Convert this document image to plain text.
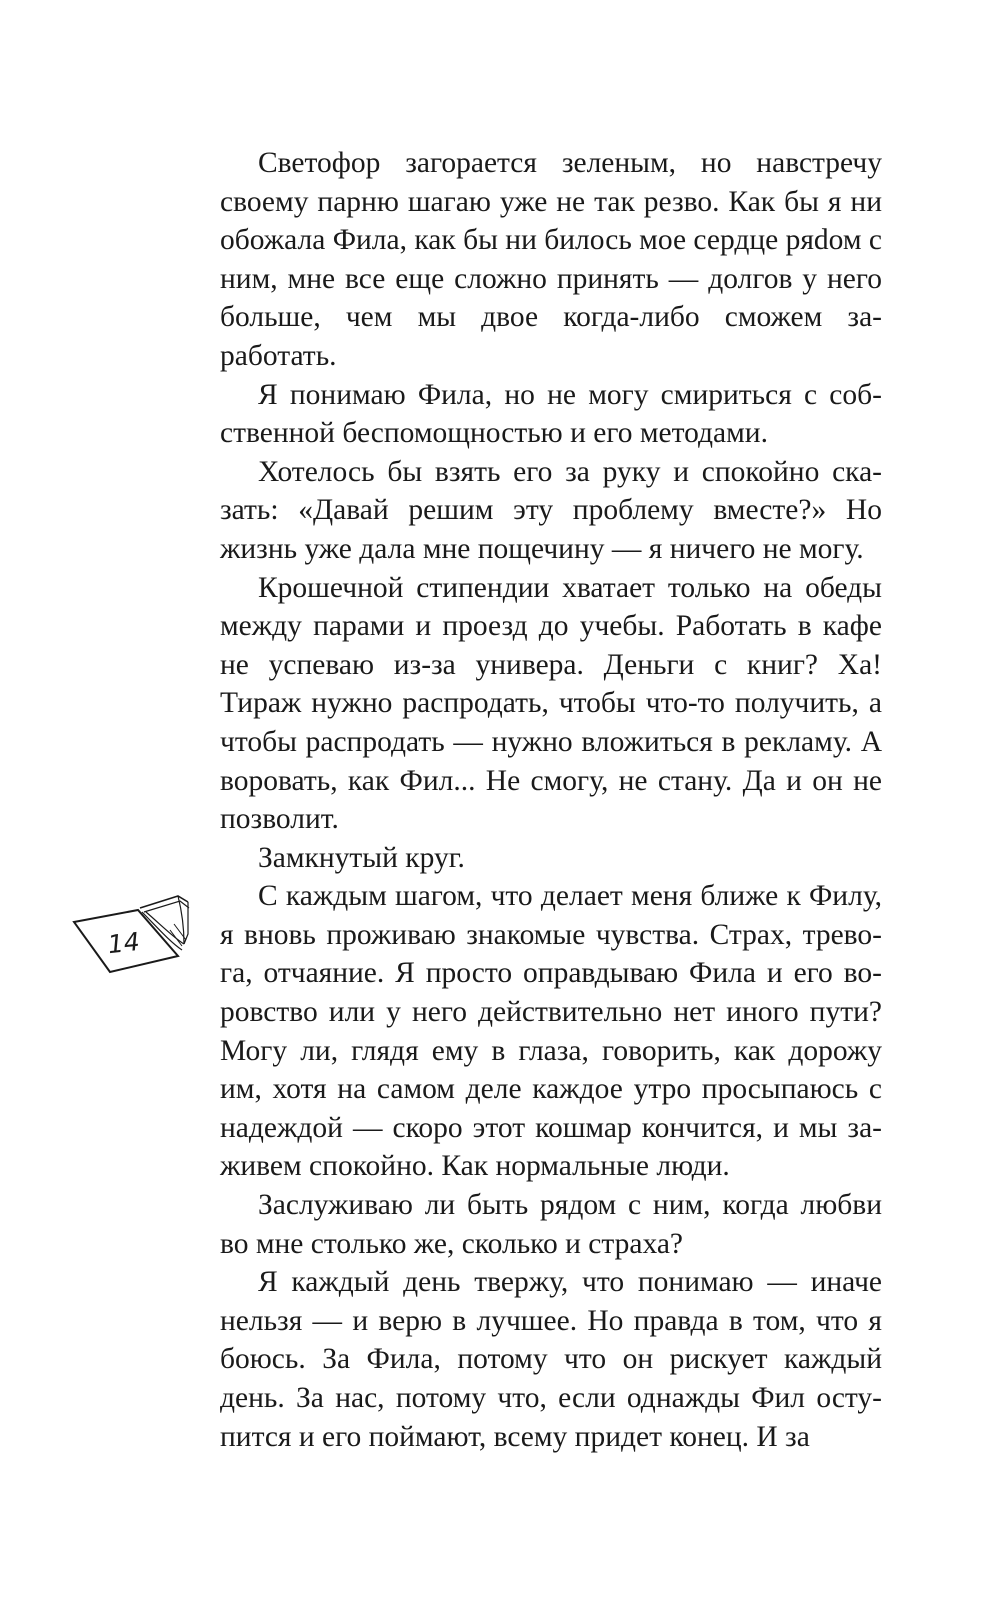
Светофор загорается зеленым, но навстречу своему парню шагаю уже не так резво. Как бы я ни обожала Фила, как бы ни билось мое сердце ряdом с ним, мне все еще сложно принять — долгов у него больше, чем мы двое когда-либо сможем заработать.

Я понимаю Фила, но не могу смириться с собственной беспомощностью и его методами.

Хотелось бы взять его за руку и спокойно сказать: «Давай решим эту проблему вместе?» Но жизнь уже дала мне пощечину — я ничего не могу.

Крошечной стипендии хватает только на обеды между парами и проезд до учебы. Работать в кафе не успеваю из-за универа. Деньги с книг? Ха! Тираж нужно распродать, чтобы что-то получить, а чтобы распродать — нужно вложиться в рекламу. А воровать, как Фил... Не смогу, не стану. Да и он не позволит.

Замкнутый круг.

С каждым шагом, что делает меня ближе к Филу, я вновь проживаю знакомые чувства. Страх, тревога, отчаяние. Я просто оправдываю Фила и его воровство или у него действительно нет иного пути? Могу ли, глядя ему в глаза, говорить, как дорожу им, хотя на самом деле каждое утро просыпаюсь с надеждой — скоро этот кошмар кончится, и мы заживем спокойно. Как нормальные люди.

Заслуживаю ли быть рядом с ним, когда любви во мне столько же, сколько и страха?

Я каждый день твержу, что понимаю — иначе нельзя — и верю в лучшее. Но правда в том, что я боюсь. За Фила, потому что он рискует каждый день. За нас, потому что, если однажды Фил оступится и его поймают, всему придет конец. И за

14
